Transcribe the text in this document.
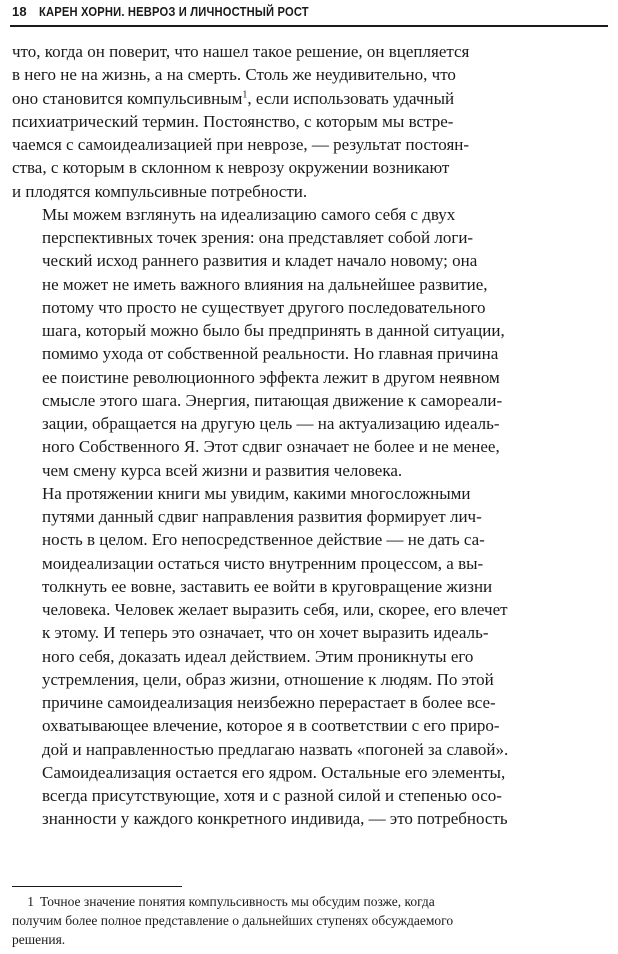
18 КАРЕН ХОРНИ. НЕВРОЗ И ЛИЧНОСТНЫЙ РОСТ

что, когда он поверит, что нашел такое решение, он вцепляется
в него не на жизнь, а на смерть. Столь же неудивительно, что
оно становится компульсивным$^1$, если использовать удачный
психиатрический термин. Постоянство, с которым мы встре-
чаемся с самоидеализацией при неврозе, — результат постоян-
ства, с которым в склонном к неврозу окружении возникают
и плодятся компульсивные потребности.

Мы можем взглянуть на идеализацию самого себя с двух
перспективных точек зрения: она представляет собой логи-
ческий исход раннего развития и кладет начало новому; она
не может не иметь важного влияния на дальнейшее развитие,
потому что просто не существует другого последовательного
шага, который можно было бы предпринять в данной ситуации,
помимо ухода от собственной реальности. Но главная причина
ее поистине революционного эффекта лежит в другом неявном
смысле этого шага. Энергия, питающая движение к самореали-
зации, обращается на другую цель — на актуализацию идеаль-
ного Собственного Я. Этот сдвиг означает не более и не менее,
чем смену курса всей жизни и развития человека.

На протяжении книги мы увидим, какими многосложными
путями данный сдвиг направления развития формирует лич-
ность в целом. Его непосредственное действие — не дать са-
моидеализации остаться чисто внутренним процессом, а вы-
толкнуть ее вовне, заставить ее войти в круговращение жизни
человека. Человек желает выразить себя, или, скорее, его влечет
к этому. И теперь это означает, что он хочет выразить идеаль-
ного себя, доказать идеал действием. Этим проникнуты его
устремления, цели, образ жизни, отношение к людям. По этой
причине самоидеализация неизбежно перерастает в более все-
охватывающее влечение, которое я в соответствии с его приро-
дой и направленностью предлагаю назвать «погоней за славой».
Самоидеализация остается его ядром. Остальные его элементы,
всегда присутствующие, хотя и с разной силой и степенью осо-
знанности у каждого конкретного индивида, — это потребность

1 Точное значение понятия компульсивность мы обсудим позже, когда
получим более полное представление о дальнейших ступенях обсуждаемого
решения.
